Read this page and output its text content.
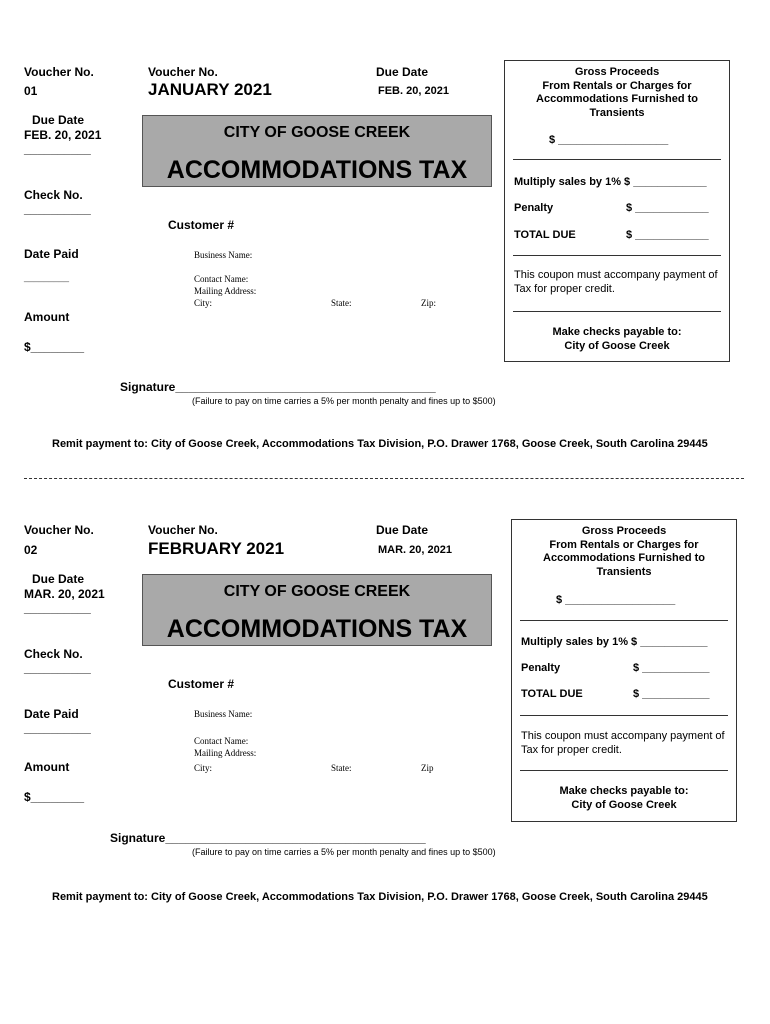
Voucher No.
01
Voucher No.
JANUARY 2021
Due Date
FEB. 20, 2021
Due Date
FEB. 20, 2021
__________
CITY OF GOOSE CREEK
ACCOMMODATIONS TAX
Check No.
__________
Customer #
Date Paid
_________
Business Name:
Contact Name:
Mailing Address:
City:	State:	Zip:
Amount
$________
Gross Proceeds
From Rentals or Charges for
Accommodations Furnished to
Transients
$ __________________
Multiply sales by 1% $ ____________
Penalty	$ ____________
TOTAL DUE	$ ____________
This coupon must accompany payment of Tax for proper credit.
Make checks payable to:
City of Goose Creek
Signature_______________________________________
(Failure to pay on time carries a 5% per month penalty and fines up to $500)
Remit payment to: City of Goose Creek, Accommodations Tax Division, P.O. Drawer 1768, Goose Creek, South Carolina 29445
Voucher No.
02
Voucher No.
FEBRUARY 2021
Due Date
MAR. 20, 2021
Due Date
MAR. 20, 2021
__________
CITY OF GOOSE CREEK
ACCOMMODATIONS TAX
Check No.
__________
Customer #
Date Paid
__________
Business Name:
Contact Name:
Mailing Address:
City:	State:	Zip
Amount
$________
Gross Proceeds
From Rentals or Charges for
Accommodations Furnished to
Transients
$ __________________
Multiply sales by 1% $ ___________
Penalty	$ ___________
TOTAL DUE	$ ___________
This coupon must accompany payment of Tax for proper credit.
Make checks payable to:
City of Goose Creek
Signature_______________________________________
(Failure to pay on time carries a 5% per month penalty and fines up to $500)
Remit payment to: City of Goose Creek, Accommodations Tax Division, P.O. Drawer 1768, Goose Creek, South Carolina 29445
